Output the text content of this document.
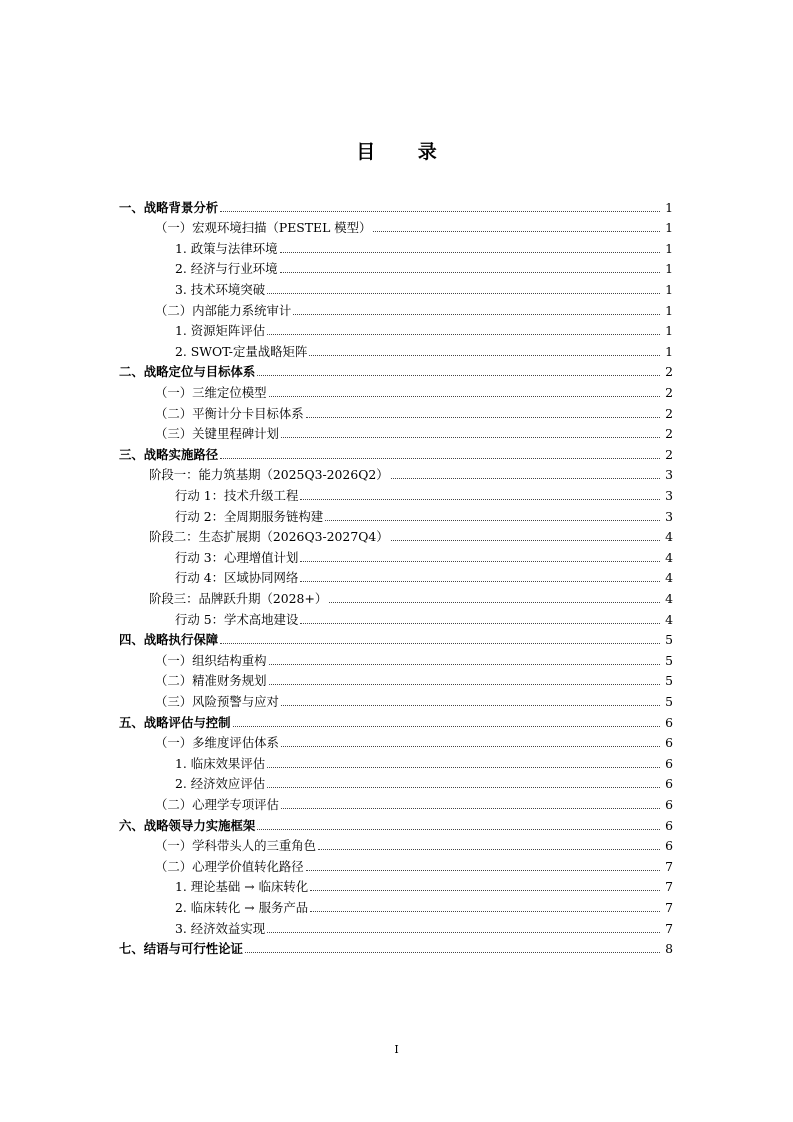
目 录
一、战略背景分析	1
（一）宏观环境扫描（PESTEL 模型）	1
1. 政策与法律环境	1
2. 经济与行业环境	1
3. 技术环境突破	1
（二）内部能力系统审计	1
1. 资源矩阵评估	1
2. SWOT-定量战略矩阵	1
二、战略定位与目标体系	2
（一）三维定位模型	2
（二）平衡计分卡目标体系	2
（三）关键里程碑计划	2
三、战略实施路径	2
阶段一：能力筑基期（2025Q3-2026Q2）	3
行动 1：技术升级工程	3
行动 2：全周期服务链构建	3
阶段二：生态扩展期（2026Q3-2027Q4）	4
行动 3：心理增值计划	4
行动 4：区域协同网络	4
阶段三：品牌跃升期（2028+）	4
行动 5：学术高地建设	4
四、战略执行保障	5
（一）组织结构重构	5
（二）精准财务规划	5
（三）风险预警与应对	5
五、战略评估与控制	6
（一）多维度评估体系	6
1. 临床效果评估	6
2. 经济效应评估	6
（二）心理学专项评估	6
六、战略领导力实施框架	6
（一）学科带头人的三重角色	6
（二）心理学价值转化路径	7
1. 理论基础 → 临床转化	7
2. 临床转化 → 服务产品	7
3. 经济效益实现	7
七、结语与可行性论证	8
I
